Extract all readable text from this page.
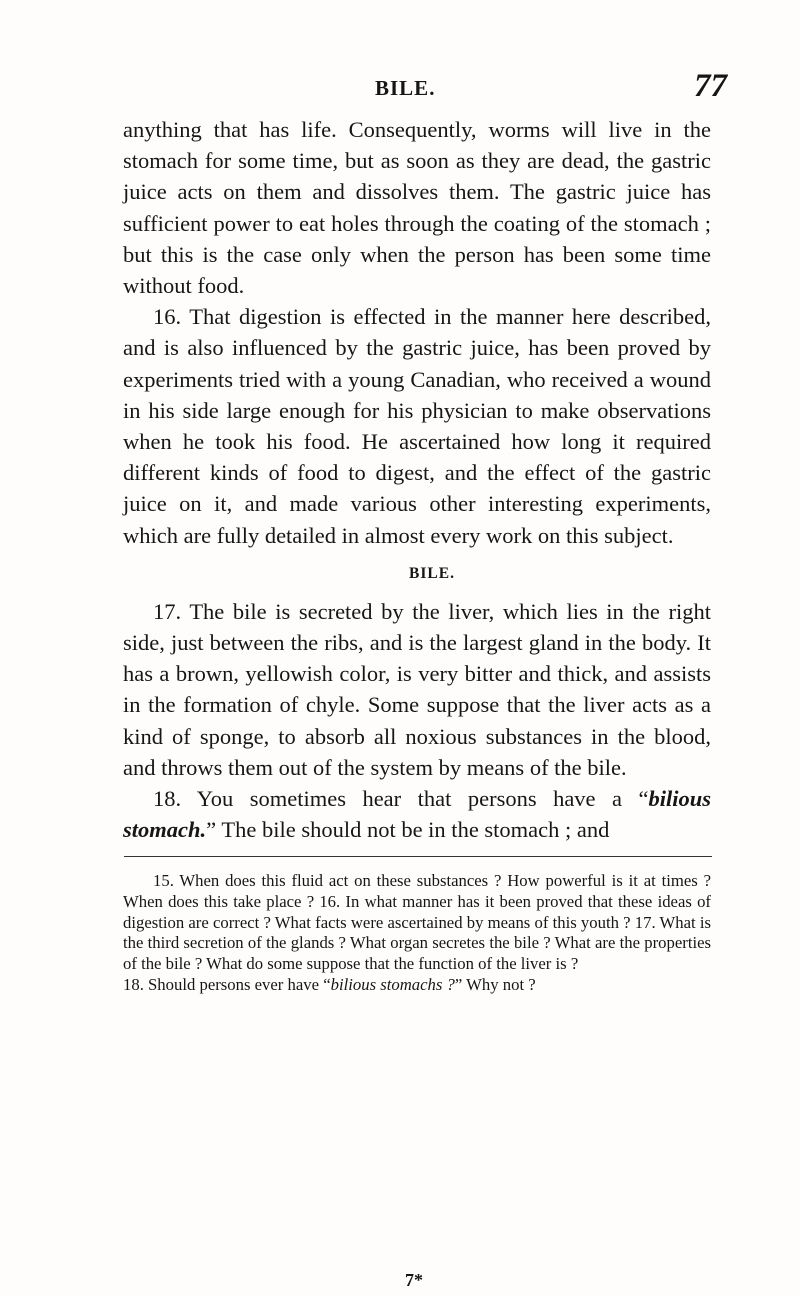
BILE.	77

anything that has life. Consequently, worms will live in the stomach for some time, but as soon as they are dead, the gastric juice acts on them and dissolves them. The gastric juice has sufficient power to eat holes through the coating of the stomach ; but this is the case only when the person has been some time without food.

16. That digestion is effected in the manner here described, and is also influenced by the gastric juice, has been proved by experiments tried with a young Canadian, who received a wound in his side large enough for his physician to make observations when he took his food. He ascertained how long it required different kinds of food to digest, and the effect of the gastric juice on it, and made various other interesting experiments, which are fully detailed in almost every work on this subject.

BILE.

17. The bile is secreted by the liver, which lies in the right side, just between the ribs, and is the largest gland in the body. It has a brown, yellowish color, is very bitter and thick, and assists in the formation of chyle. Some suppose that the liver acts as a kind of sponge, to absorb all noxious substances in the blood, and throws them out of the system by means of the bile.

18. You sometimes hear that persons have a “bilious stomach.” The bile should not be in the stomach ; and

15. When does this fluid act on these substances ? How powerful is it at times ? When does this take place ? 16. In what manner has it been proved that these ideas of digestion are correct ? What facts were ascertained by means of this youth ? 17. What is the third secretion of the glands ? What organ secretes the bile ? What are the properties of the bile ? What do some suppose that the function of the liver is ?
18. Should persons ever have “bilious stomachs ?” Why not ?

7*
